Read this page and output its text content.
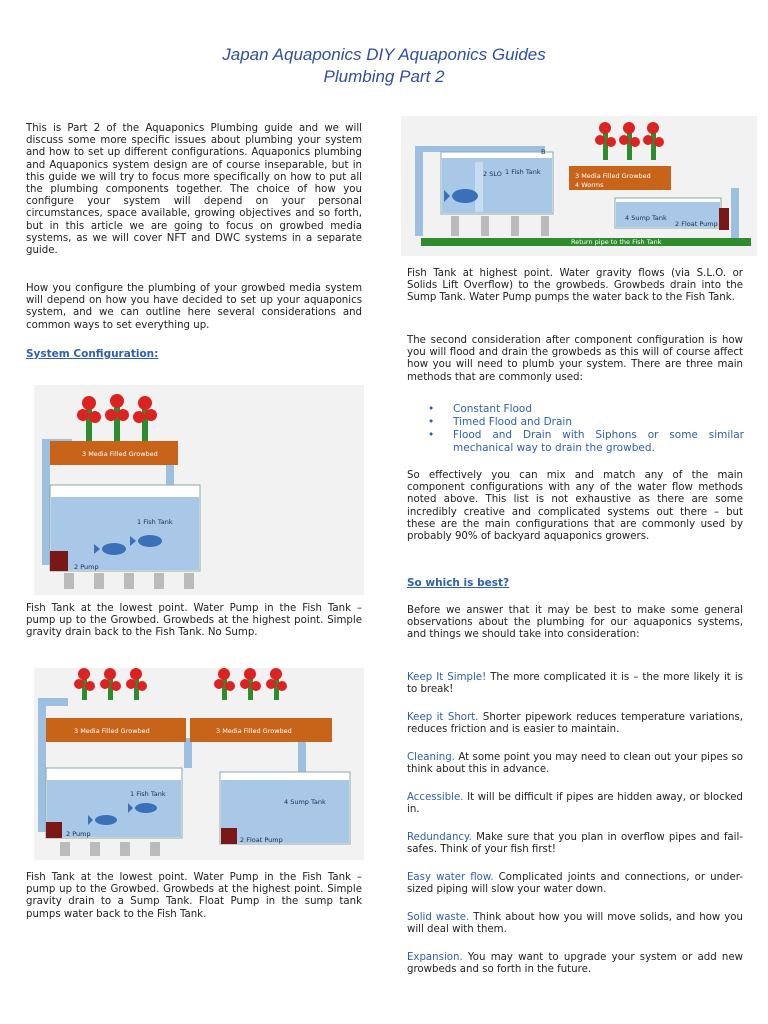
Japan Aquaponics DIY Aquaponics Guides
Plumbing Part 2

This is Part 2 of the Aquaponics Plumbing guide and we will discuss some more specific issues about plumbing your system and how to set up different configurations. Aquaponics plumbing and Aquaponics system design are of course inseparable, but in this guide we will try to focus more specifically on how to put all the plumbing components together. The choice of how you configure your system will depend on your personal circumstances, space available, growing objectives and so forth, but in this article we are going to focus on growbed media systems, as we will cover NFT and DWC systems in a separate guide.

How you configure the plumbing of your growbed media system will depend on how you have decided to set up your aquaponics system, and we can outline here several considerations and common ways to set everything up.

System Configuration:
3 Media Filled Growbed
1 Fish Tank
2 Pump

Fish Tank at the lowest point. Water Pump in the Fish Tank – pump up to the Growbed. Growbeds at the highest point. Simple gravity drain back to the Fish Tank. No Sump.

3 Media Filled Growbed	3 Media Filled Growbed
1 Fish Tank
2 Pump
4 Sump Tank
2 Float Pump

Fish Tank at the lowest point. Water Pump in the Fish Tank – pump up to the Growbed. Growbeds at the highest point. Simple gravity drain to a Sump Tank. Float Pump in the sump tank pumps water back to the Fish Tank.

Return pipe to the Fish Tank
2 SLO 1 Fish Tank
B
3 Media Filled Growbed
4 Worms
4 Sump Tank
2 Float Pump

Fish Tank at highest point. Water gravity flows (via S.L.O. or Solids Lift Overflow) to the growbeds. Growbeds drain into the Sump Tank. Water Pump pumps the water back to the Fish Tank.

The second consideration after component configuration is how you will flood and drain the growbeds as this will of course affect how you will need to plumb your system. There are three main methods that are commonly used:

• Constant Flood
• Timed Flood and Drain
• Flood and Drain with Siphons or some similar mechanical way to drain the growbed.

So effectively you can mix and match any of the main component configurations with any of the water flow methods noted above. This list is not exhaustive as there are some incredibly creative and complicated systems out there – but these are the main configurations that are commonly used by probably 90% of backyard aquaponics growers.

So which is best?

Before we answer that it may be best to make some general observations about the plumbing for our aquaponics systems, and things we should take into consideration:

Keep It Simple! The more complicated it is – the more likely it is to break!

Keep it Short. Shorter pipework reduces temperature variations, reduces friction and is easier to maintain.

Cleaning. At some point you may need to clean out your pipes so think about this in advance.

Accessible. It will be difficult if pipes are hidden away, or blocked in.

Redundancy. Make sure that you plan in overflow pipes and fail-safes. Think of your fish first!

Easy water flow. Complicated joints and connections, or under-sized piping will slow your water down.

Solid waste. Think about how you will move solids, and how you will deal with them.

Expansion. You may want to upgrade your system or add new growbeds and so forth in the future.
